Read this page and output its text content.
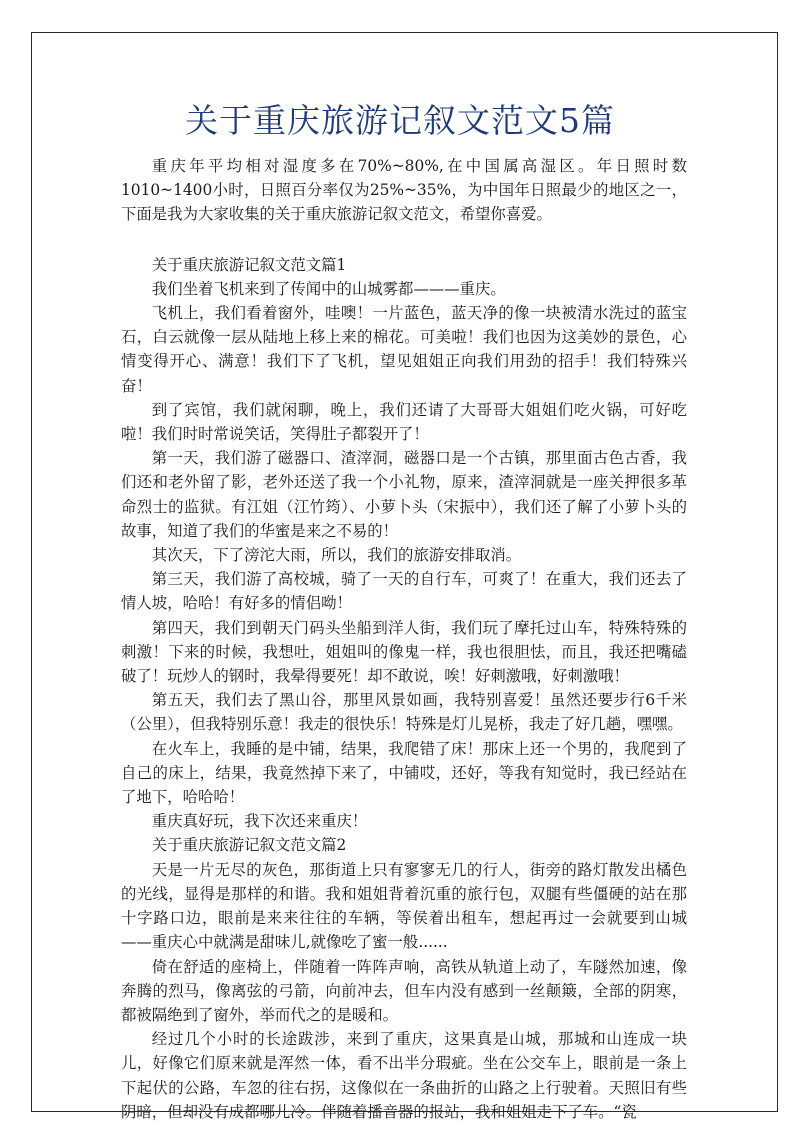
关于重庆旅游记叙文范文5篇

重庆年平均相对湿度多在70%~80%,在中国属高湿区。年日照时数1010~1400小时，日照百分率仅为25%~35%，为中国年日照最少的地区之一，下面是我为大家收集的关于重庆旅游记叙文范文，希望你喜爱。

关于重庆旅游记叙文范文篇1

我们坐着飞机来到了传闻中的山城雾都———重庆。

飞机上，我们看着窗外，哇噢！一片蓝色，蓝天净的像一块被清水洗过的蓝宝石，白云就像一层从陆地上移上来的棉花。可美啦！我们也因为这美妙的景色，心情变得开心、满意！我们下了飞机，望见姐姐正向我们用劲的招手！我们特殊兴奋！

到了宾馆，我们就闲聊，晚上，我们还请了大哥哥大姐姐们吃火锅，可好吃啦！我们时时常说笑话，笑得肚子都裂开了！

第一天，我们游了磁器口、渣滓洞，磁器口是一个古镇，那里面古色古香，我们还和老外留了影，老外还送了我一个小礼物，原来，渣滓洞就是一座关押很多革命烈士的监狱。有江姐（江竹筠）、小萝卜头（宋振中），我们还了解了小萝卜头的故事，知道了我们的华蜜是来之不易的！

其次天，下了滂沱大雨，所以，我们的旅游安排取消。

第三天，我们游了高校城，骑了一天的自行车，可爽了！在重大，我们还去了情人坡，哈哈！有好多的情侣呦！

第四天，我们到朝天门码头坐船到洋人街，我们玩了摩托过山车，特殊特殊的刺激！下来的时候，我想吐，姐姐叫的像鬼一样，我也很胆怯，而且，我还把嘴磕破了！玩炒人的钢时，我晕得要死！却不敢说，唉！好刺激哦，好刺激哦！

第五天，我们去了黑山谷，那里风景如画，我特别喜爱！虽然还要步行6千米（公里），但我特别乐意！我走的很快乐！特殊是灯儿晃桥，我走了好几趟，嘿嘿。

在火车上，我睡的是中铺，结果，我爬错了床！那床上还一个男的，我爬到了自己的床上，结果，我竟然掉下来了，中铺哎，还好，等我有知觉时，我已经站在了地下，哈哈哈！

重庆真好玩，我下次还来重庆！

关于重庆旅游记叙文范文篇2

天是一片无尽的灰色，那街道上只有寥寥无几的行人，街旁的路灯散发出橘色的光线，显得是那样的和谐。我和姐姐背着沉重的旅行包，双腿有些僵硬的站在那十字路口边，眼前是来来往往的车辆，等侯着出租车，想起再过一会就要到山城——重庆心中就满是甜味儿,就像吃了蜜一般......

倚在舒适的座椅上，伴随着一阵阵声响，高铁从轨道上动了，车隧然加速，像奔腾的烈马，像离弦的弓箭，向前冲去，但车内没有感到一丝颠簸，全部的阴寒，都被隔绝到了窗外，举而代之的是暖和。

经过几个小时的长途跋涉，来到了重庆，这果真是山城，那城和山连成一块儿，好像它们原来就是浑然一体，看不出半分瑕疵。坐在公交车上，眼前是一条上下起伏的公路，车忽的往右拐，这像似在一条曲折的山路之上行驶着。天照旧有些阴暗，但却没有成都哪儿冷。伴随着播音器的报站，我和姐姐走下了车。“瓷
